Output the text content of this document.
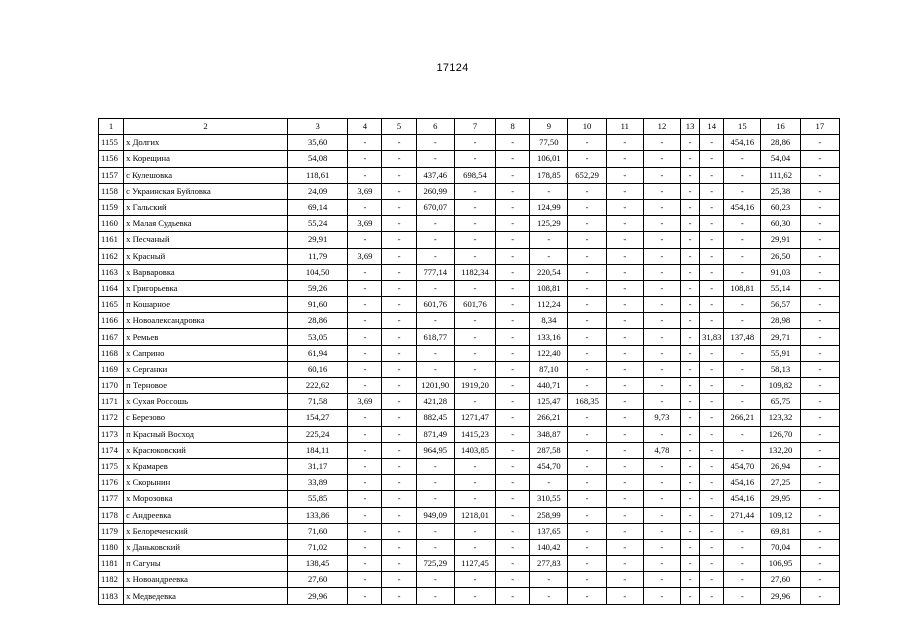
17124
1	2	3	4	5	6	7	8	9	10	11	12	13	14	15	16	17
1155	х Долгих	35,60	-	-	-	-	-	77,50	-	-	-	-	-	454,16	28,86	-
1156	х Корещина	54,08	-	-	-	-	-	106,01	-	-	-	-	-	-	54,04	-
1157	с Кулешовка	118,61	-	-	437,46	698,54	-	178,85	652,29	-	-	-	-	-	111,62	-
1158	с Украинская Буйловка	24,09	3,69	-	260,99	-	-	-	-	-	-	-	-	-	25,38	-
1159	х Гальский	69,14	-	-	670,07	-	-	124,99	-	-	-	-	-	454,16	60,23	-
1160	х Малая Судьевка	55,24	3,69	-	-	-	-	125,29	-	-	-	-	-	-	60,30	-
1161	х Песчаный	29,91	-	-	-	-	-	-	-	-	-	-	-	-	29,91	-
1162	х Красный	11,79	3,69	-	-	-	-	-	-	-	-	-	-	-	26,50	-
1163	х Варваровка	104,50	-	-	777,14	1182,34	-	220,54	-	-	-	-	-	-	91,03	-
1164	х Григорьевка	59,26	-	-	-	-	-	108,81	-	-	-	-	-	108,81	55,14	-
1165	п Кошарное	91,60	-	-	601,76	601,76	-	112,24	-	-	-	-	-	-	56,57	-
1166	х Новоалександровка	28,86	-	-	-	-	-	8,34	-	-	-	-	-	-	28,98	-
1167	х Ремьев	53,05	-	-	618,77	-	-	133,16	-	-	-	-	31,83	137,48	29,71	-
1168	х Саприно	61,94	-	-	-	-	-	122,40	-	-	-	-	-	-	55,91	-
1169	х Серганки	60,16	-	-	-	-	-	87,10	-	-	-	-	-	-	58,13	-
1170	п Терновое	222,62	-	-	1201,90	1919,20	-	440,71	-	-	-	-	-	-	109,82	-
1171	х Сухая Россошь	71,58	3,69	-	421,28	-	-	125,47	168,35	-	-	-	-	-	65,75	-
1172	с Березово	154,27	-	-	882,45	1271,47	-	266,21	-	-	9,73	-	-	266,21	123,32	-
1173	п Красный Восход	225,24	-	-	871,49	1415,23	-	348,87	-	-	-	-	-	-	126,70	-
1174	х Красюковский	184,11	-	-	964,95	1403,85	-	287,58	-	-	4,78	-	-	-	132,20	-
1175	х Крамарев	31,17	-	-	-	-	-	454,70	-	-	-	-	-	454,70	26,94	-
1176	х Скорынин	33,89	-	-	-	-	-	-	-	-	-	-	-	454,16	27,25	-
1177	х Морозовка	55,85	-	-	-	-	-	310,55	-	-	-	-	-	454,16	29,95	-
1178	с Андреевка	133,86	-	-	949,09	1218,01	-	258,99	-	-	-	-	-	271,44	109,12	-
1179	х Белореченский	71,60	-	-	-	-	-	137,65	-	-	-	-	-	-	69,81	-
1180	х Даньковский	71,02	-	-	-	-	-	140,42	-	-	-	-	-	-	70,04	-
1181	п Сагуны	138,45	-	-	725,29	1127,45	-	277,83	-	-	-	-	-	-	106,95	-
1182	х Новоандреевка	27,60	-	-	-	-	-	-	-	-	-	-	-	-	27,60	-
1183	х Медведевка	29,96	-	-	-	-	-	-	-	-	-	-	-	-	29,96	-
